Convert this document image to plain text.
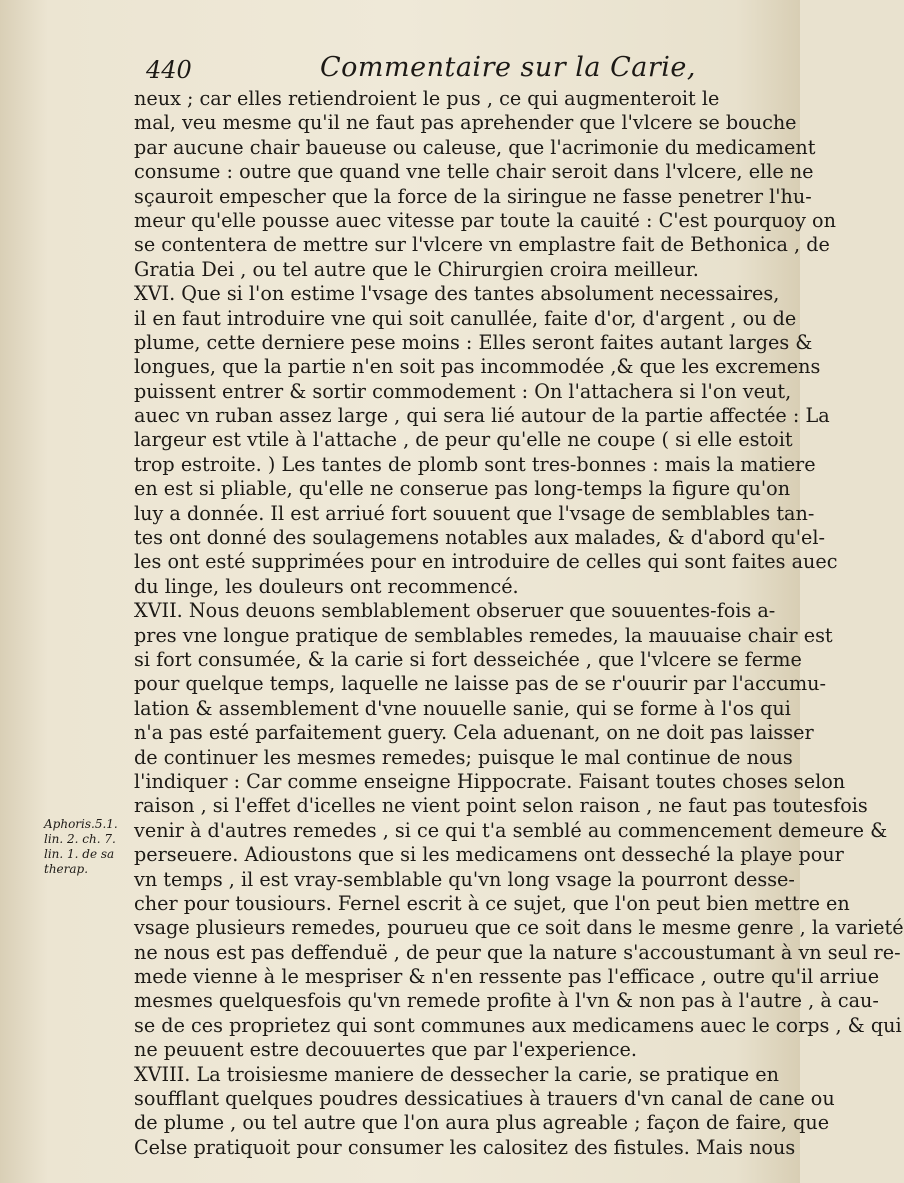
440	Commentaire sur la Carie,
neux ; car elles retiendroient le pus , ce qui augmenteroit le
mal, veu mesme qu'il ne faut pas aprehender que l'vlcere se bouche
par aucune chair baueuse ou caleuse, que l'acrimonie du medicament
consume : outre que quand vne telle chair seroit dans l'vlcere, elle ne
sçauroit empescher que la force de la siringue ne fasse penetrer l'hu-
meur qu'elle pousse auec vitesse par toute la cauité : C'est pourquoy on
se contentera de mettre sur l'vlcere vn emplastre fait de Bethonica , de
Gratia Dei , ou tel autre que le Chirurgien croira meilleur.
XVI. Que si l'on estime l'vsage des tantes absolument necessaires,
il en faut introduire vne qui soit canullée, faite d'or, d'argent , ou de
plume, cette derniere pese moins : Elles seront faites autant larges &
longues, que la partie n'en soit pas incommodée ,& que les excremens
puissent entrer & sortir commodement : On l'attachera si l'on veut,
auec vn ruban assez large , qui sera lié autour de la partie affectée : La
largeur est vtile à l'attache , de peur qu'elle ne coupe ( si elle estoit
trop estroite. ) Les tantes de plomb sont tres-bonnes : mais la matiere
en est si pliable, qu'elle ne conserue pas long-temps la figure qu'on
luy a donnée. Il est arriué fort souuent que l'vsage de semblables tan-
tes ont donné des soulagemens notables aux malades, & d'abord qu'el-
les ont esté supprimées pour en introduire de celles qui sont faites auec
du linge, les douleurs ont recommencé.
XVII. Nous deuons semblablement obseruer que souuentes-fois a-
pres vne longue pratique de semblables remedes, la mauuaise chair est
si fort consumée, & la carie si fort desseichée , que l'vlcere se ferme
pour quelque temps, laquelle ne laisse pas de se r'ouurir par l'accumu-
lation & assemblement d'vne nouuelle sanie, qui se forme à l'os qui
n'a pas esté parfaitement guery. Cela aduenant, on ne doit pas laisser
de continuer les mesmes remedes; puisque le mal continue de nous
l'indiquer : Car comme enseigne Hippocrate. Faisant toutes choses selon
raison , si l'effet d'icelles ne vient point selon raison , ne faut pas toutesfois
venir à d'autres remedes , si ce qui t'a semblé au commencement demeure &
perseuere. Adioustons que si les medicamens ont desseché la playe pour
vn temps , il est vray-semblable qu'vn long vsage la pourront desse-
cher pour tousiours. Fernel escrit à ce sujet, que l'on peut bien mettre en
vsage plusieurs remedes, pourueu que ce soit dans le mesme genre , la varieté
ne nous est pas deffenduë , de peur que la nature s'accoustumant à vn seul re-
mede vienne à le mespriser & n'en ressente pas l'efficace , outre qu'il arriue
mesmes quelquesfois qu'vn remede profite à l'vn & non pas à l'autre , à cau-
se de ces proprietez qui sont communes aux medicamens auec le corps , & qui
ne peuuent estre decouuertes que par l'experience.
XVIII. La troisiesme maniere de dessecher la carie, se pratique en
soufflant quelques poudres dessicatiues à trauers d'vn canal de cane ou
de plume , ou tel autre que l'on aura plus agreable ; façon de faire, que
Celse pratiquoit pour consumer les calositez des fistules. Mais nous
Aphoris.5.1.
lin. 2. ch. 7.
lin. 1. de sa
therap.
